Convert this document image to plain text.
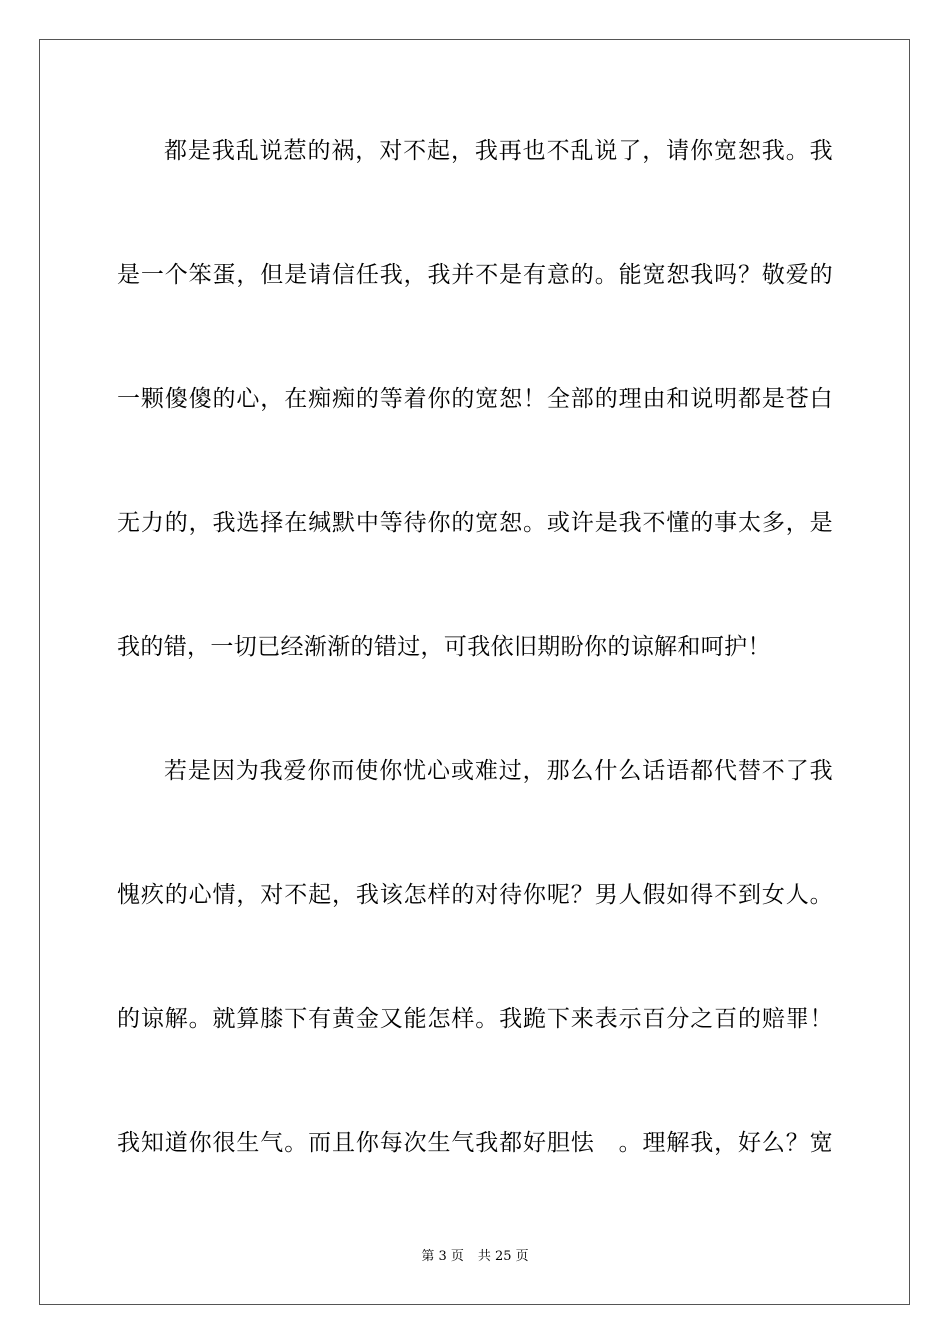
都是我乱说惹的祸，对不起，我再也不乱说了，请你宽恕我。我
是一个笨蛋，但是请信任我，我并不是有意的。能宽恕我吗？敬爱的
一颗傻傻的心，在痴痴的等着你的宽恕！全部的理由和说明都是苍白
无力的，我选择在缄默中等待你的宽恕。或许是我不懂的事太多，是
我的错，一切已经渐渐的错过，可我依旧期盼你的谅解和呵护！
若是因为我爱你而使你忧心或难过，那么什么话语都代替不了我
愧疚的心情，对不起，我该怎样的对待你呢？男人假如得不到女人。
的谅解。就算膝下有黄金又能怎样。我跪下来表示百分之百的赔罪！
我知道你很生气。而且你每次生气我都好胆怯　。理解我，好么？宽
第 3 页 共 25 页
